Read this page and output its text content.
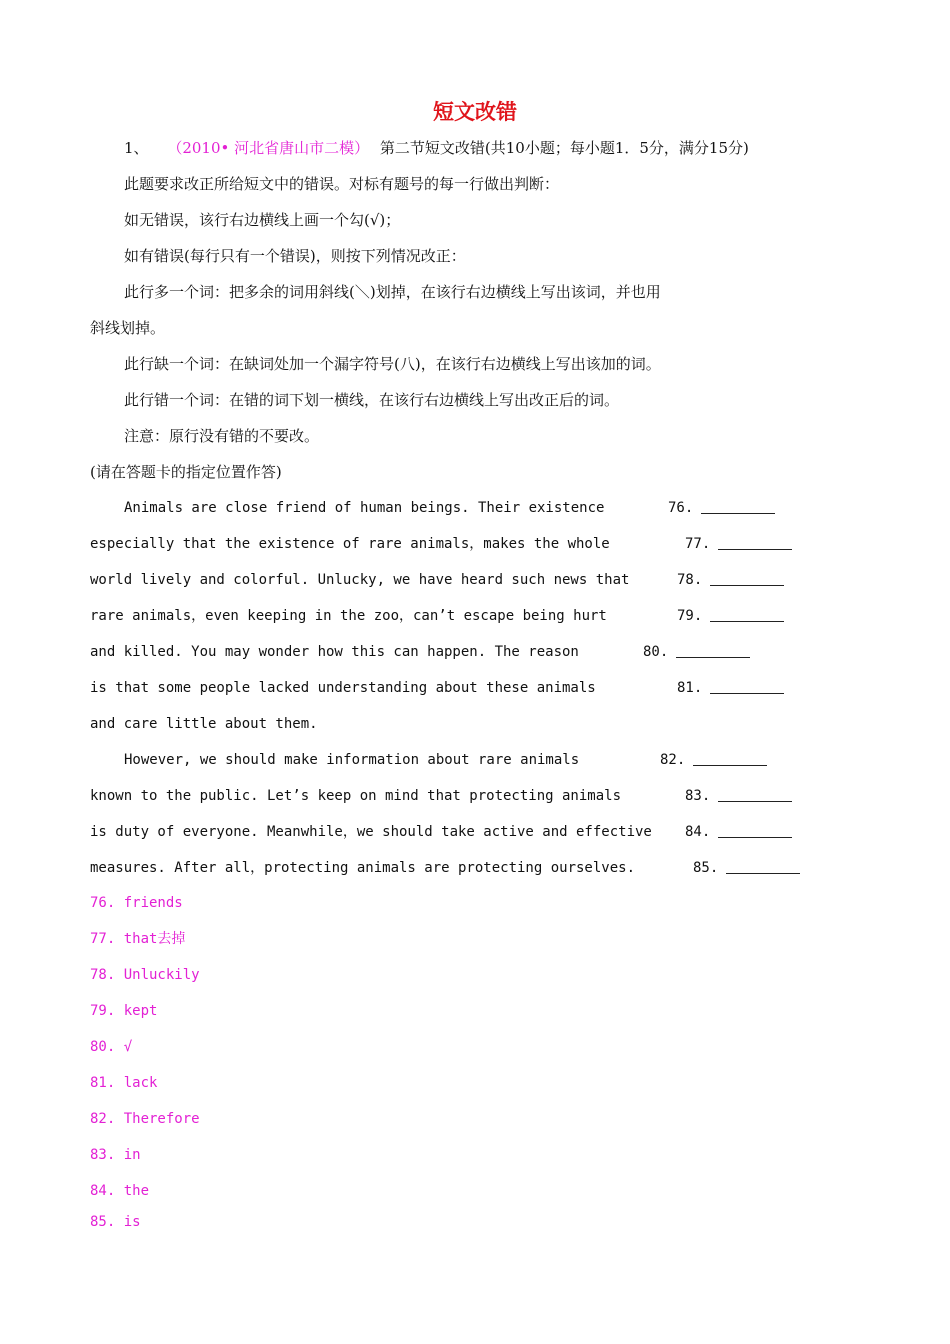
短文改错
1、 （2010• 河北省唐山市二模） 第二节短文改错(共10小题；每小题1．5分，满分15分)
此题要求改正所给短文中的错误。对标有题号的每一行做出判断：
如无错误，该行右边横线上画一个勾(√)；
如有错误(每行只有一个错误)，则按下列情况改正：
此行多一个词：把多余的词用斜线(＼)划掉，在该行右边横线上写出该词，并也用
斜线划掉。
此行缺一个词：在缺词处加一个漏字符号(八)，在该行右边横线上写出该加的词。
此行错一个词：在错的词下划一横线，在该行右边横线上写出改正后的词。
注意：原行没有错的不要改。
(请在答题卡的指定位置作答)
Animals are close friend of human beings. Their existence	76.
especially that the existence of rare animals，makes the whole	77.
world lively and colorful. Unlucky, we have heard such news that	78.
rare animals，even keeping in the zoo，can’t escape being hurt	79.
and killed. You may wonder how this can happen. The reason	80.
is that some people lacked understanding about these animals	81.
and care little about them.
However, we should make information about rare animals	82.
known to the public. Let’s keep on mind that protecting animals	83.
is duty of everyone. Meanwhile，we should take active and effective 84.
measures. After all，protecting animals are protecting ourselves.	85.
76. friends
77. that去掉
78. Unluckily
79. kept
80. √
81. lack
82. Therefore
83. in
84. the
85. is
